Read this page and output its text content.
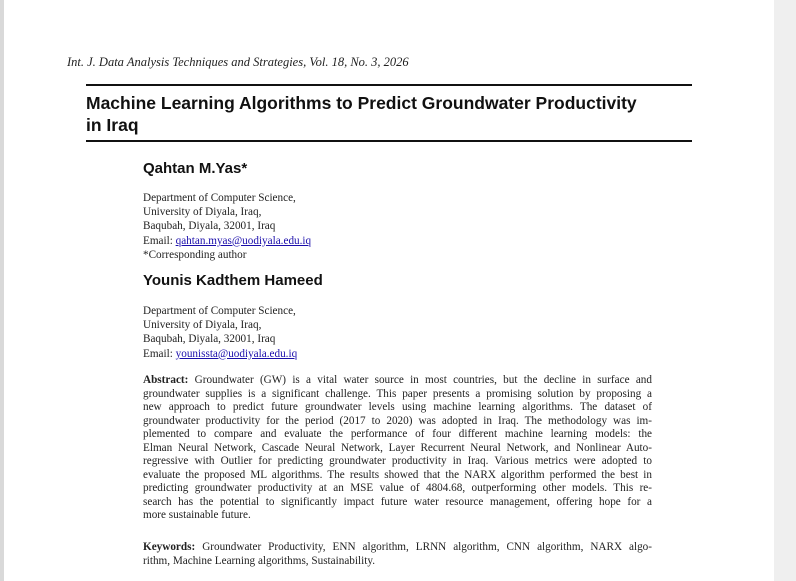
Int. J. Data Analysis Techniques and Strategies, Vol. 18, No. 3, 2026
Machine Learning Algorithms to Predict Groundwater Productivity
in Iraq
Qahtan M.Yas*
Department of Computer Science,
University of Diyala, Iraq,
Baqubah, Diyala, 32001, Iraq
Email: qahtan.myas@uodiyala.edu.iq
*Corresponding author
Younis Kadthem Hameed
Department of Computer Science,
University of Diyala, Iraq,
Baqubah, Diyala, 32001, Iraq
Email: younissta@uodiyala.edu.iq
Abstract: Groundwater (GW) is a vital water source in most countries, but the decline in surface and
groundwater supplies is a significant challenge. This paper presents a promising solution by proposing a
new approach to predict future groundwater levels using machine learning algorithms. The dataset of
groundwater productivity for the period (2017 to 2020) was adopted in Iraq. The methodology was im-
plemented to compare and evaluate the performance of four different machine learning models: the
Elman Neural Network, Cascade Neural Network, Layer Recurrent Neural Network, and Nonlinear Auto-
regressive with Outlier for predicting groundwater productivity in Iraq. Various metrics were adopted to
evaluate the proposed ML algorithms. The results showed that the NARX algorithm performed the best in
predicting groundwater productivity at an MSE value of 4804.68, outperforming other models. This re-
search has the potential to significantly impact future water resource management, offering hope for a
more sustainable future.
Keywords: Groundwater Productivity, ENN algorithm, LRNN algorithm, CNN algorithm, NARX algo-
rithm, Machine Learning algorithms, Sustainability.
